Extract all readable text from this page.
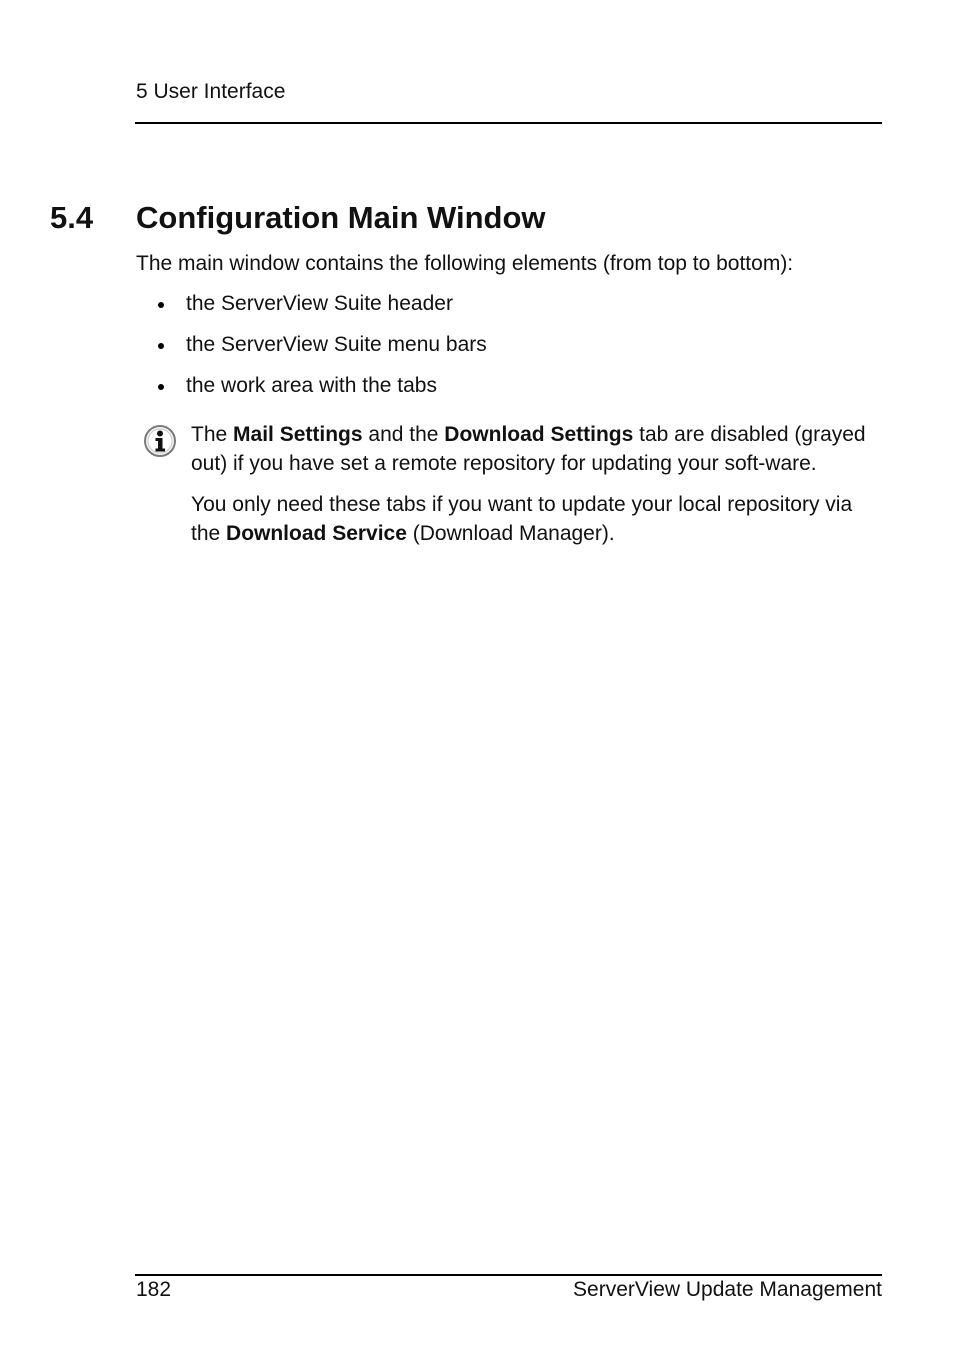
5 User Interface
5.4 Configuration Main Window
The main window contains the following elements (from top to bottom):
the ServerView Suite header
the ServerView Suite menu bars
the work area with the tabs

The Mail Settings and the Download Settings tab are disabled (grayed out) if you have set a remote repository for updating your soft-ware.

You only need these tabs if you want to update your local repository via the Download Service (Download Manager).

182	ServerView Update Management
